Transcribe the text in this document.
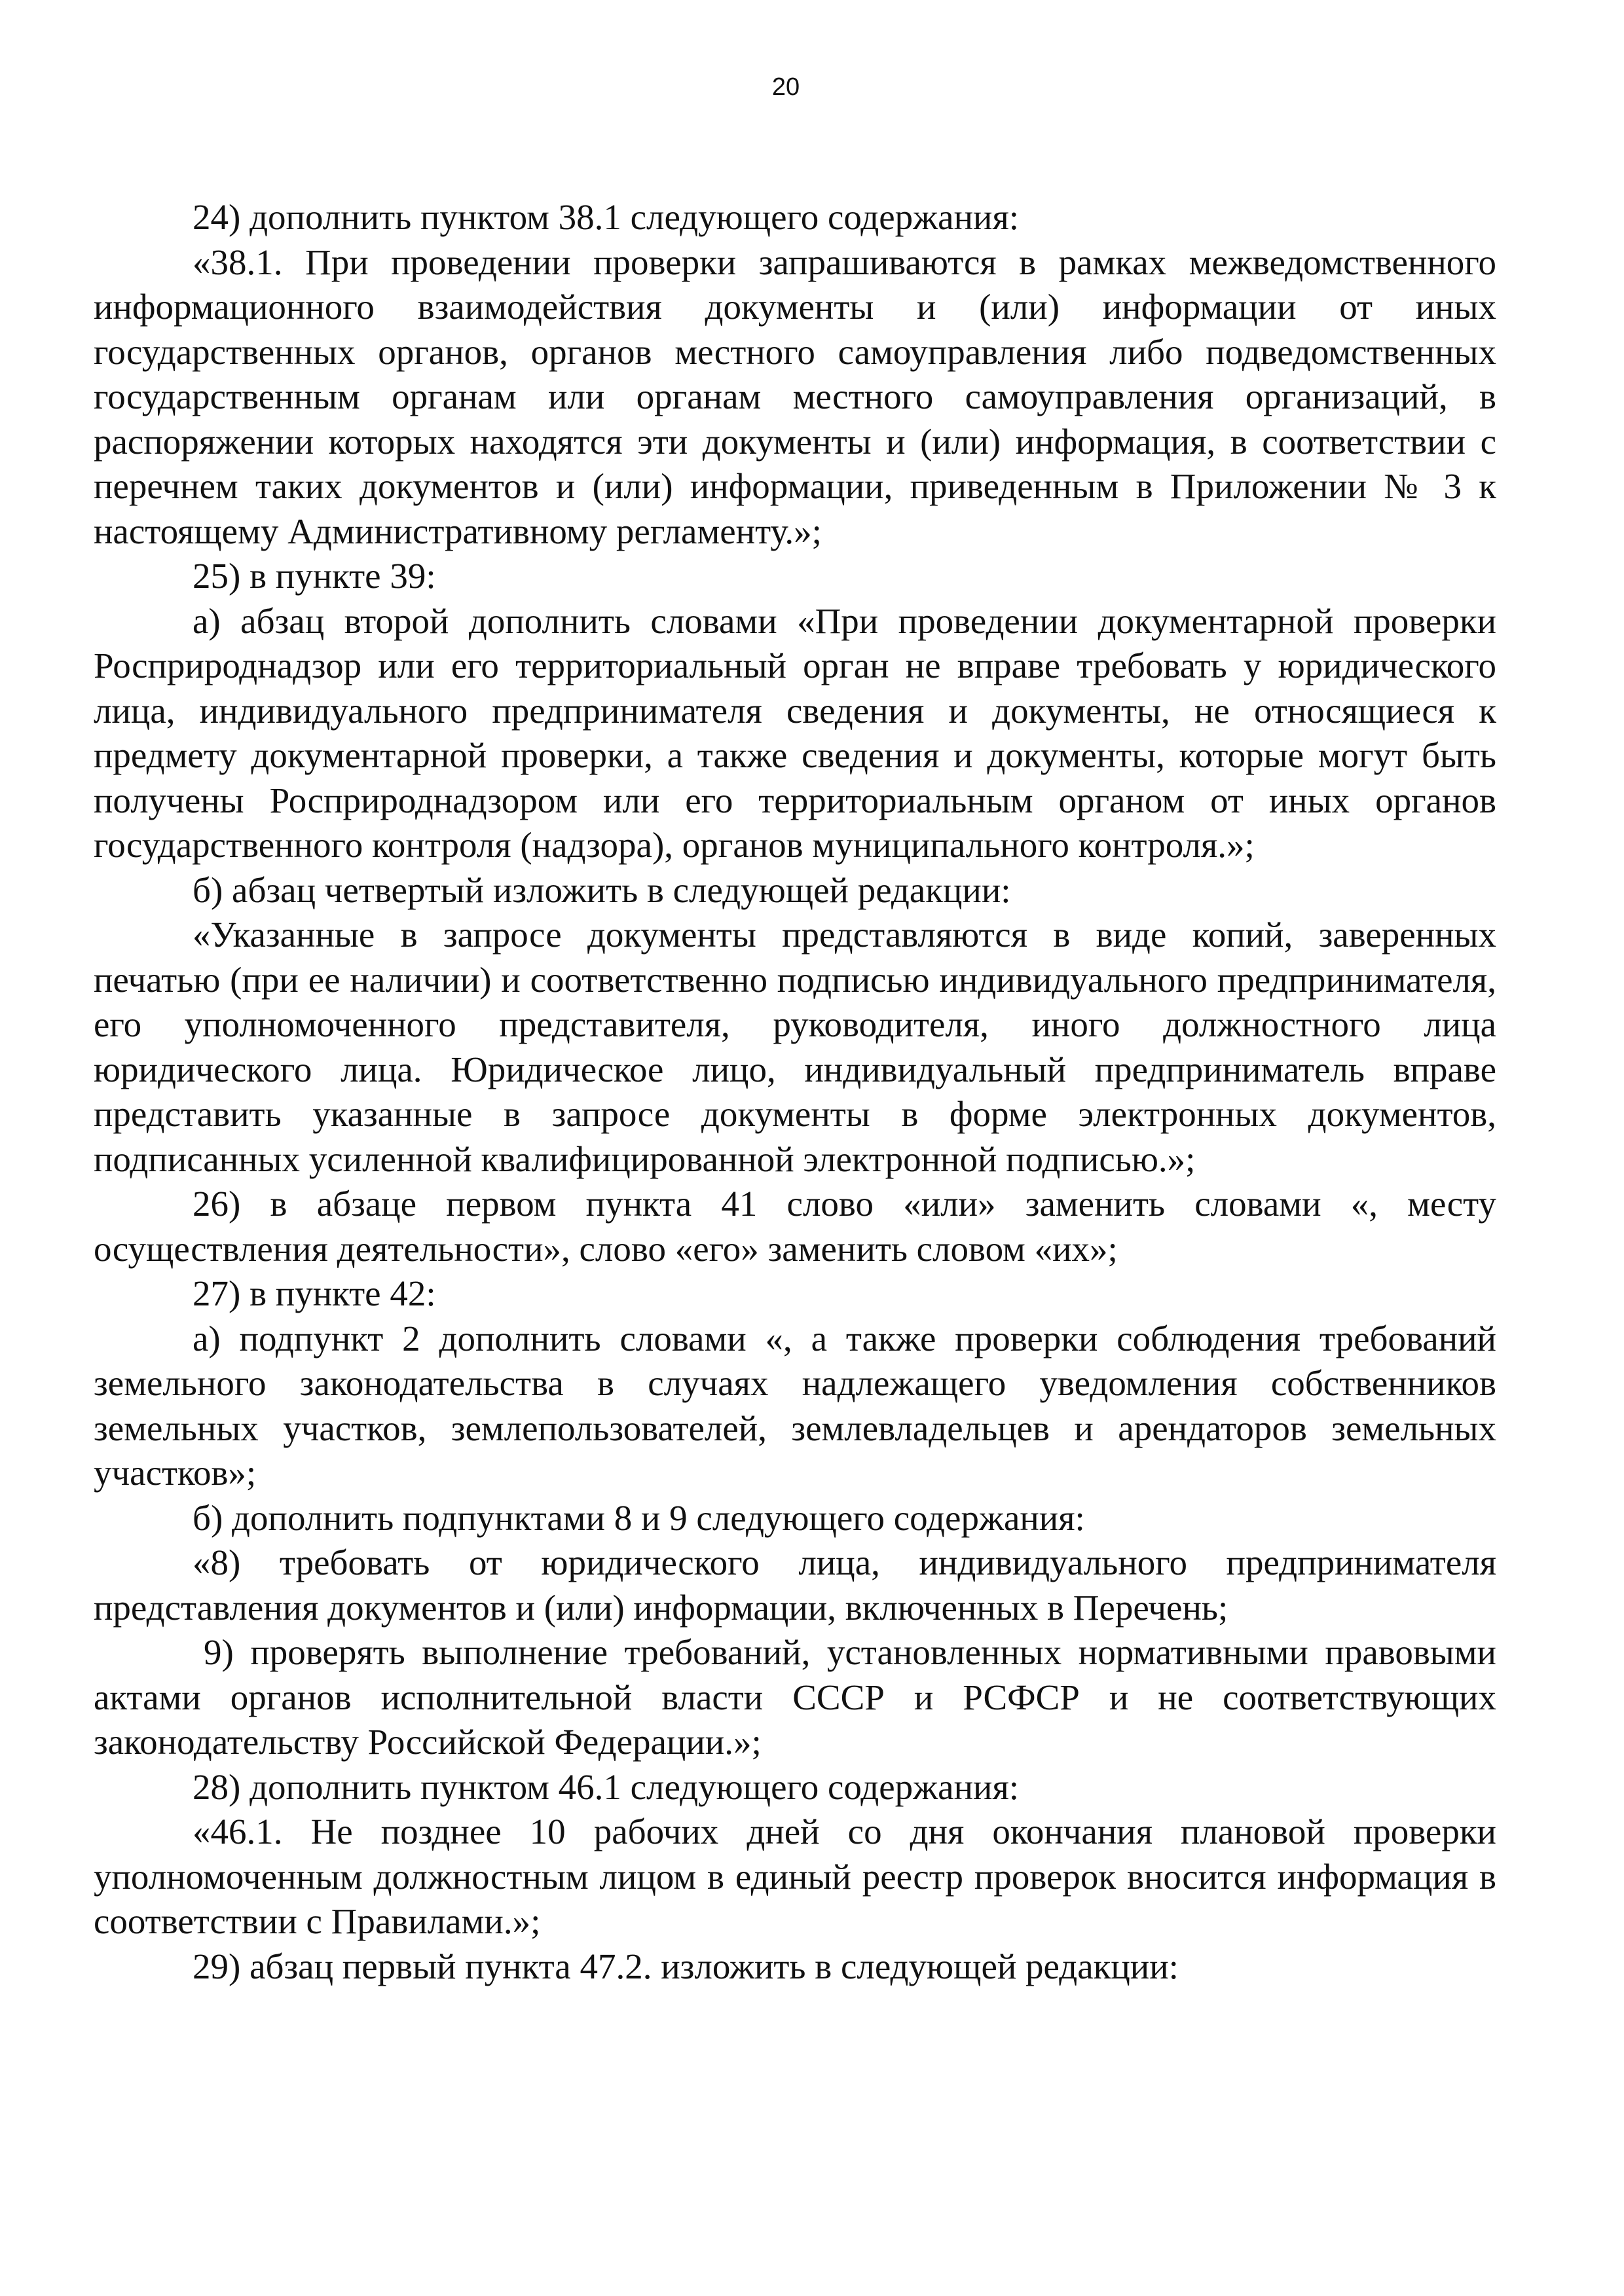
20

24) дополнить пунктом 38.1 следующего содержания:

«38.1. При проведении проверки запрашиваются в рамках межведомственного информационного взаимодействия документы и (или) информации от иных государственных органов, органов местного самоуправления либо подведомственных государственным органам или органам местного самоуправления организаций, в распоряжении которых находятся эти документы и (или) информация, в соответствии с перечнем таких документов и (или) информации, приведенным в Приложении № 3 к настоящему Административному регламенту.»;

25) в пункте 39:

а) абзац второй дополнить словами «При проведении документарной проверки Росприроднадзор или его территориальный орган не вправе требовать у юридического лица, индивидуального предпринимателя сведения и документы, не относящиеся к предмету документарной проверки, а также сведения и документы, которые могут быть получены Росприроднадзором или его территориальным органом от иных органов государственного контроля (надзора), органов муниципального контроля.»;

б) абзац четвертый изложить в следующей редакции:

«Указанные в запросе документы представляются в виде копий, заверенных печатью (при ее наличии) и соответственно подписью индивидуального предпринимателя, его уполномоченного представителя, руководителя, иного должностного лица юридического лица. Юридическое лицо, индивидуальный предприниматель вправе представить указанные в запросе документы в форме электронных документов, подписанных усиленной квалифицированной электронной подписью.»;

26) в абзаце первом пункта 41 слово «или» заменить словами «, месту осуществления деятельности», слово «его» заменить словом «их»;

27) в пункте 42:

а) подпункт 2 дополнить словами «, а также проверки соблюдения требований земельного законодательства в случаях надлежащего уведомления собственников земельных участков, землепользователей, землевладельцев и арендаторов земельных участков»;

б) дополнить подпунктами 8 и 9 следующего содержания:

«8) требовать от юридического лица, индивидуального предпринимателя представления документов и (или) информации, включенных в Перечень;

9) проверять выполнение требований, установленных нормативными правовыми актами органов исполнительной власти СССР и РСФСР и не соответствующих законодательству Российской Федерации.»;

28) дополнить пунктом 46.1 следующего содержания:

«46.1. Не позднее 10 рабочих дней со дня окончания плановой проверки уполномоченным должностным лицом в единый реестр проверок вносится информация в соответствии с Правилами.»;

29) абзац первый пункта 47.2. изложить в следующей редакции:
